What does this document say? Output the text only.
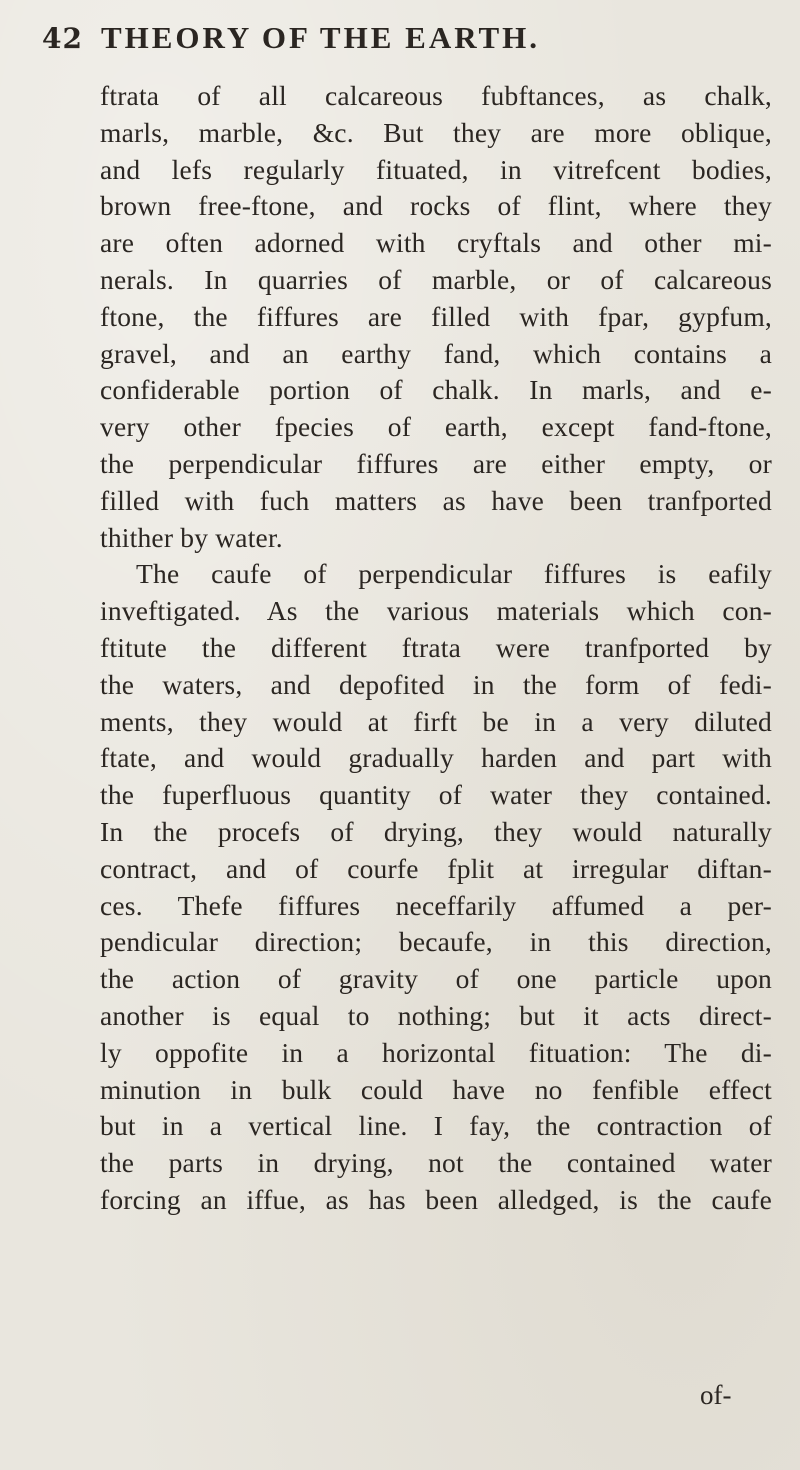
42 THEORY OF THE EARTH.
ftrata of all calcareous fubftances, as chalk,
marls, marble, &c. But they are more oblique,
and lefs regularly fituated, in vitrefcent bodies,
brown free-ftone, and rocks of flint, where they
are often adorned with cryftals and other mi-
nerals. In quarries of marble, or of calcareous
ftone, the fiffures are filled with fpar, gypfum,
gravel, and an earthy fand, which contains a
confiderable portion of chalk. In marls, and e-
very other fpecies of earth, except fand-ftone,
the perpendicular fiffures are either empty, or
filled with fuch matters as have been tranfported
thither by water.
The caufe of perpendicular fiffures is eafily
inveftigated. As the various materials which con-
ftitute the different ftrata were tranfported by
the waters, and depofited in the form of fedi-
ments, they would at firft be in a very diluted
ftate, and would gradually harden and part with
the fuperfluous quantity of water they contained.
In the procefs of drying, they would naturally
contract, and of courfe fplit at irregular diftan-
ces. Thefe fiffures neceffarily affumed a per-
pendicular direction; becaufe, in this direction,
the action of gravity of one particle upon
another is equal to nothing; but it acts direct-
ly oppofite in a horizontal fituation: The di-
minution in bulk could have no fenfible effect
but in a vertical line. I fay, the contraction of
the parts in drying, not the contained water
forcing an iffue, as has been alledged, is the caufe
of-
